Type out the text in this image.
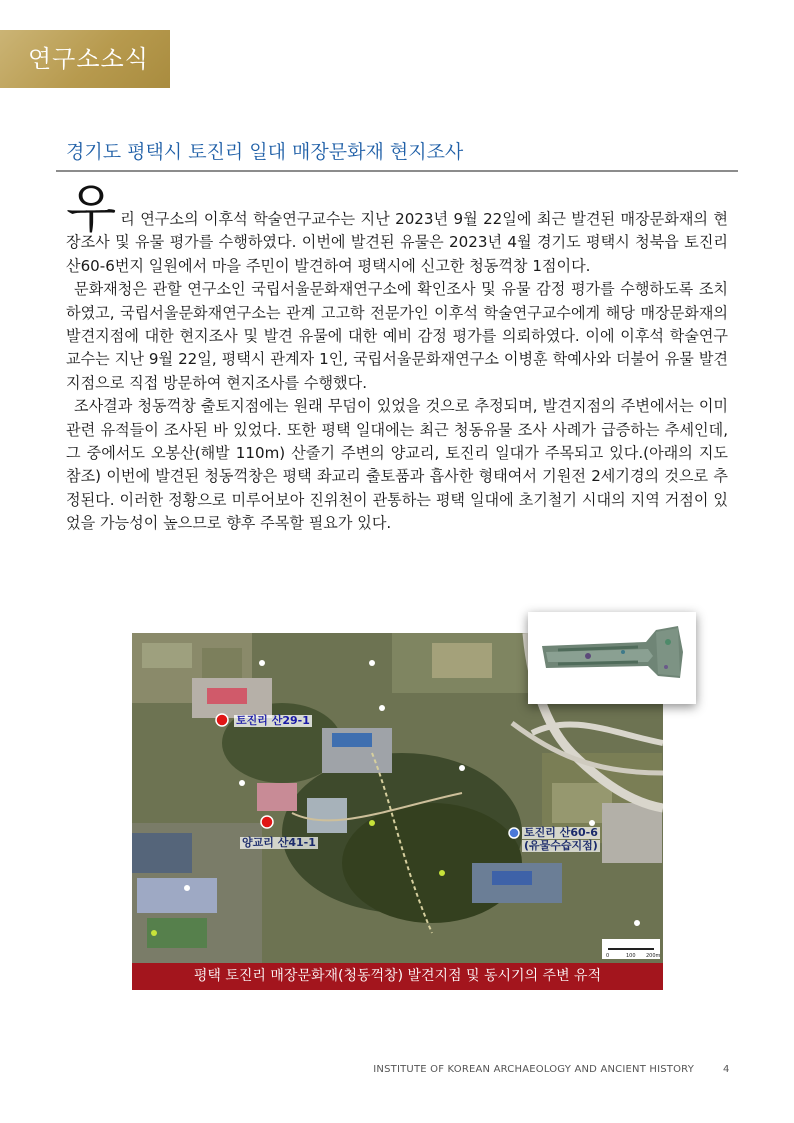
연구소소식
경기도 평택시 토진리 일대 매장문화재 현지조사

우 리 연구소의 이후석 학술연구교수는 지난 2023년 9월 22일에 최근 발견된 매장문화재의 현장조사 및 유물 평가를 수행하였다. 이번에 발견된 유물은 2023년 4월 경기도 평택시 청북읍 토진리 산60-6번지 일원에서 마을 주민이 발견하여 평택시에 신고한 청동꺽창 1점이다.

문화재청은 관할 연구소인 국립서울문화재연구소에 확인조사 및 유물 감정 평가를 수행하도록 조치하였고, 국립서울문화재연구소는 관계 고고학 전문가인 이후석 학술연구교수에게 해당 매장문화재의 발견지점에 대한 현지조사 및 발견 유물에 대한 예비 감정 평가를 의뢰하였다. 이에 이후석 학술연구교수는 지난 9월 22일, 평택시 관계자 1인, 국립서울문화재연구소 이병훈 학예사와 더불어 유물 발견지점으로 직접 방문하여 현지조사를 수행했다.

조사결과 청동꺽창 출토지점에는 원래 무덤이 있었을 것으로 추정되며, 발견지점의 주변에서는 이미 관련 유적들이 조사된 바 있었다. 또한 평택 일대에는 최근 청동유물 조사 사례가 급증하는 추세인데, 그 중에서도 오봉산(해발 110m) 산줄기 주변의 양교리, 토진리 일대가 주목되고 있다.(아래의 지도 참조) 이번에 발견된 청동꺽창은 평택 좌교리 출토품과 흡사한 형태여서 기원전 2세기경의 것으로 추정된다. 이러한 정황으로 미루어보아 진위천이 관통하는 평택 일대에 초기철기 시대의 지역 거점이 있었을 가능성이 높으므로 향후 주목할 필요가 있다.

0	100 200m
토진리 산29-1
양교리 산41-1
토진리 산60-6
(유물수습지점)
평택 토진리 매장문화재(청동꺽창) 발견지점 및 동시기의 주변 유적
INSTITUTE OF KOREAN ARCHAEOLOGY AND ANCIENT HISTORY	4
